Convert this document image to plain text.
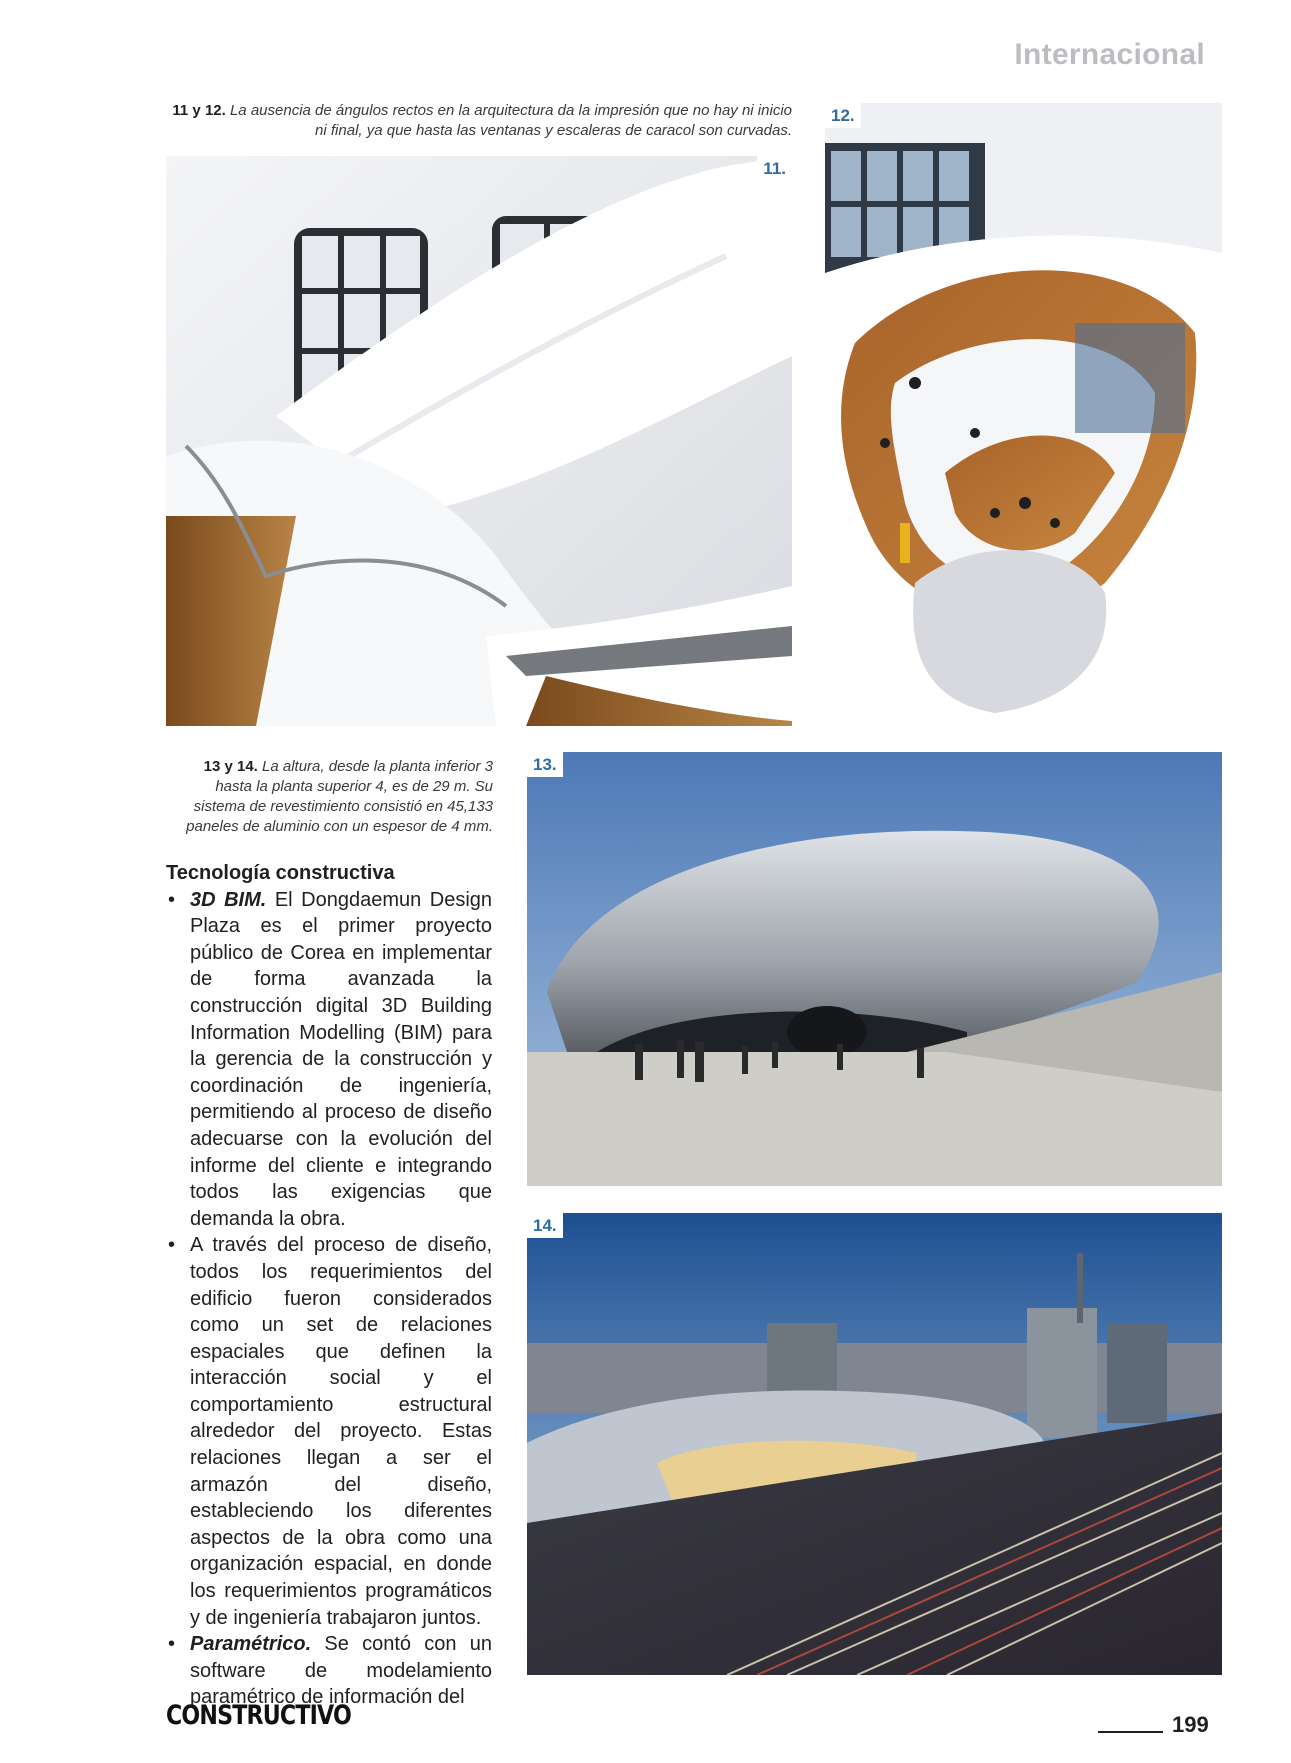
Internacional
11 y 12. La ausencia de ángulos rectos en la arquitectura da la impresión que no hay ni inicio ni final, ya que hasta las ventanas y escaleras de caracol son curvadas.
11.
12.
13 y 14. La altura, desde la planta inferior 3 hasta la planta superior 4, es de 29 m. Su sistema de revestimiento consistió en 45,133 paneles de aluminio con un espesor de 4 mm.
13.
14.
Tecnología constructiva
• 3D BIM. El Dongdaemun Design Plaza es el primer proyecto público de Corea en implementar de forma avanzada la construcción digital 3D Building Information Modelling (BIM) para la gerencia de la construcción y coordinación de ingeniería, permitiendo al proceso de diseño adecuarse con la evolución del informe del cliente e integrando todos las exigencias que demanda la obra.
• A través del proceso de diseño, todos los requerimientos del edificio fueron considerados como un set de relaciones espaciales que definen la interacción social y el comportamiento estructural alrededor del proyecto. Estas relaciones llegan a ser el armazón del diseño, estableciendo los diferentes aspectos de la obra como una organización espacial, en donde los requerimientos programáticos y de ingeniería trabajaron juntos.
• Paramétrico. Se contó con un software de modelamiento paramétrico de información del
CONSTRUCTIVO	199
